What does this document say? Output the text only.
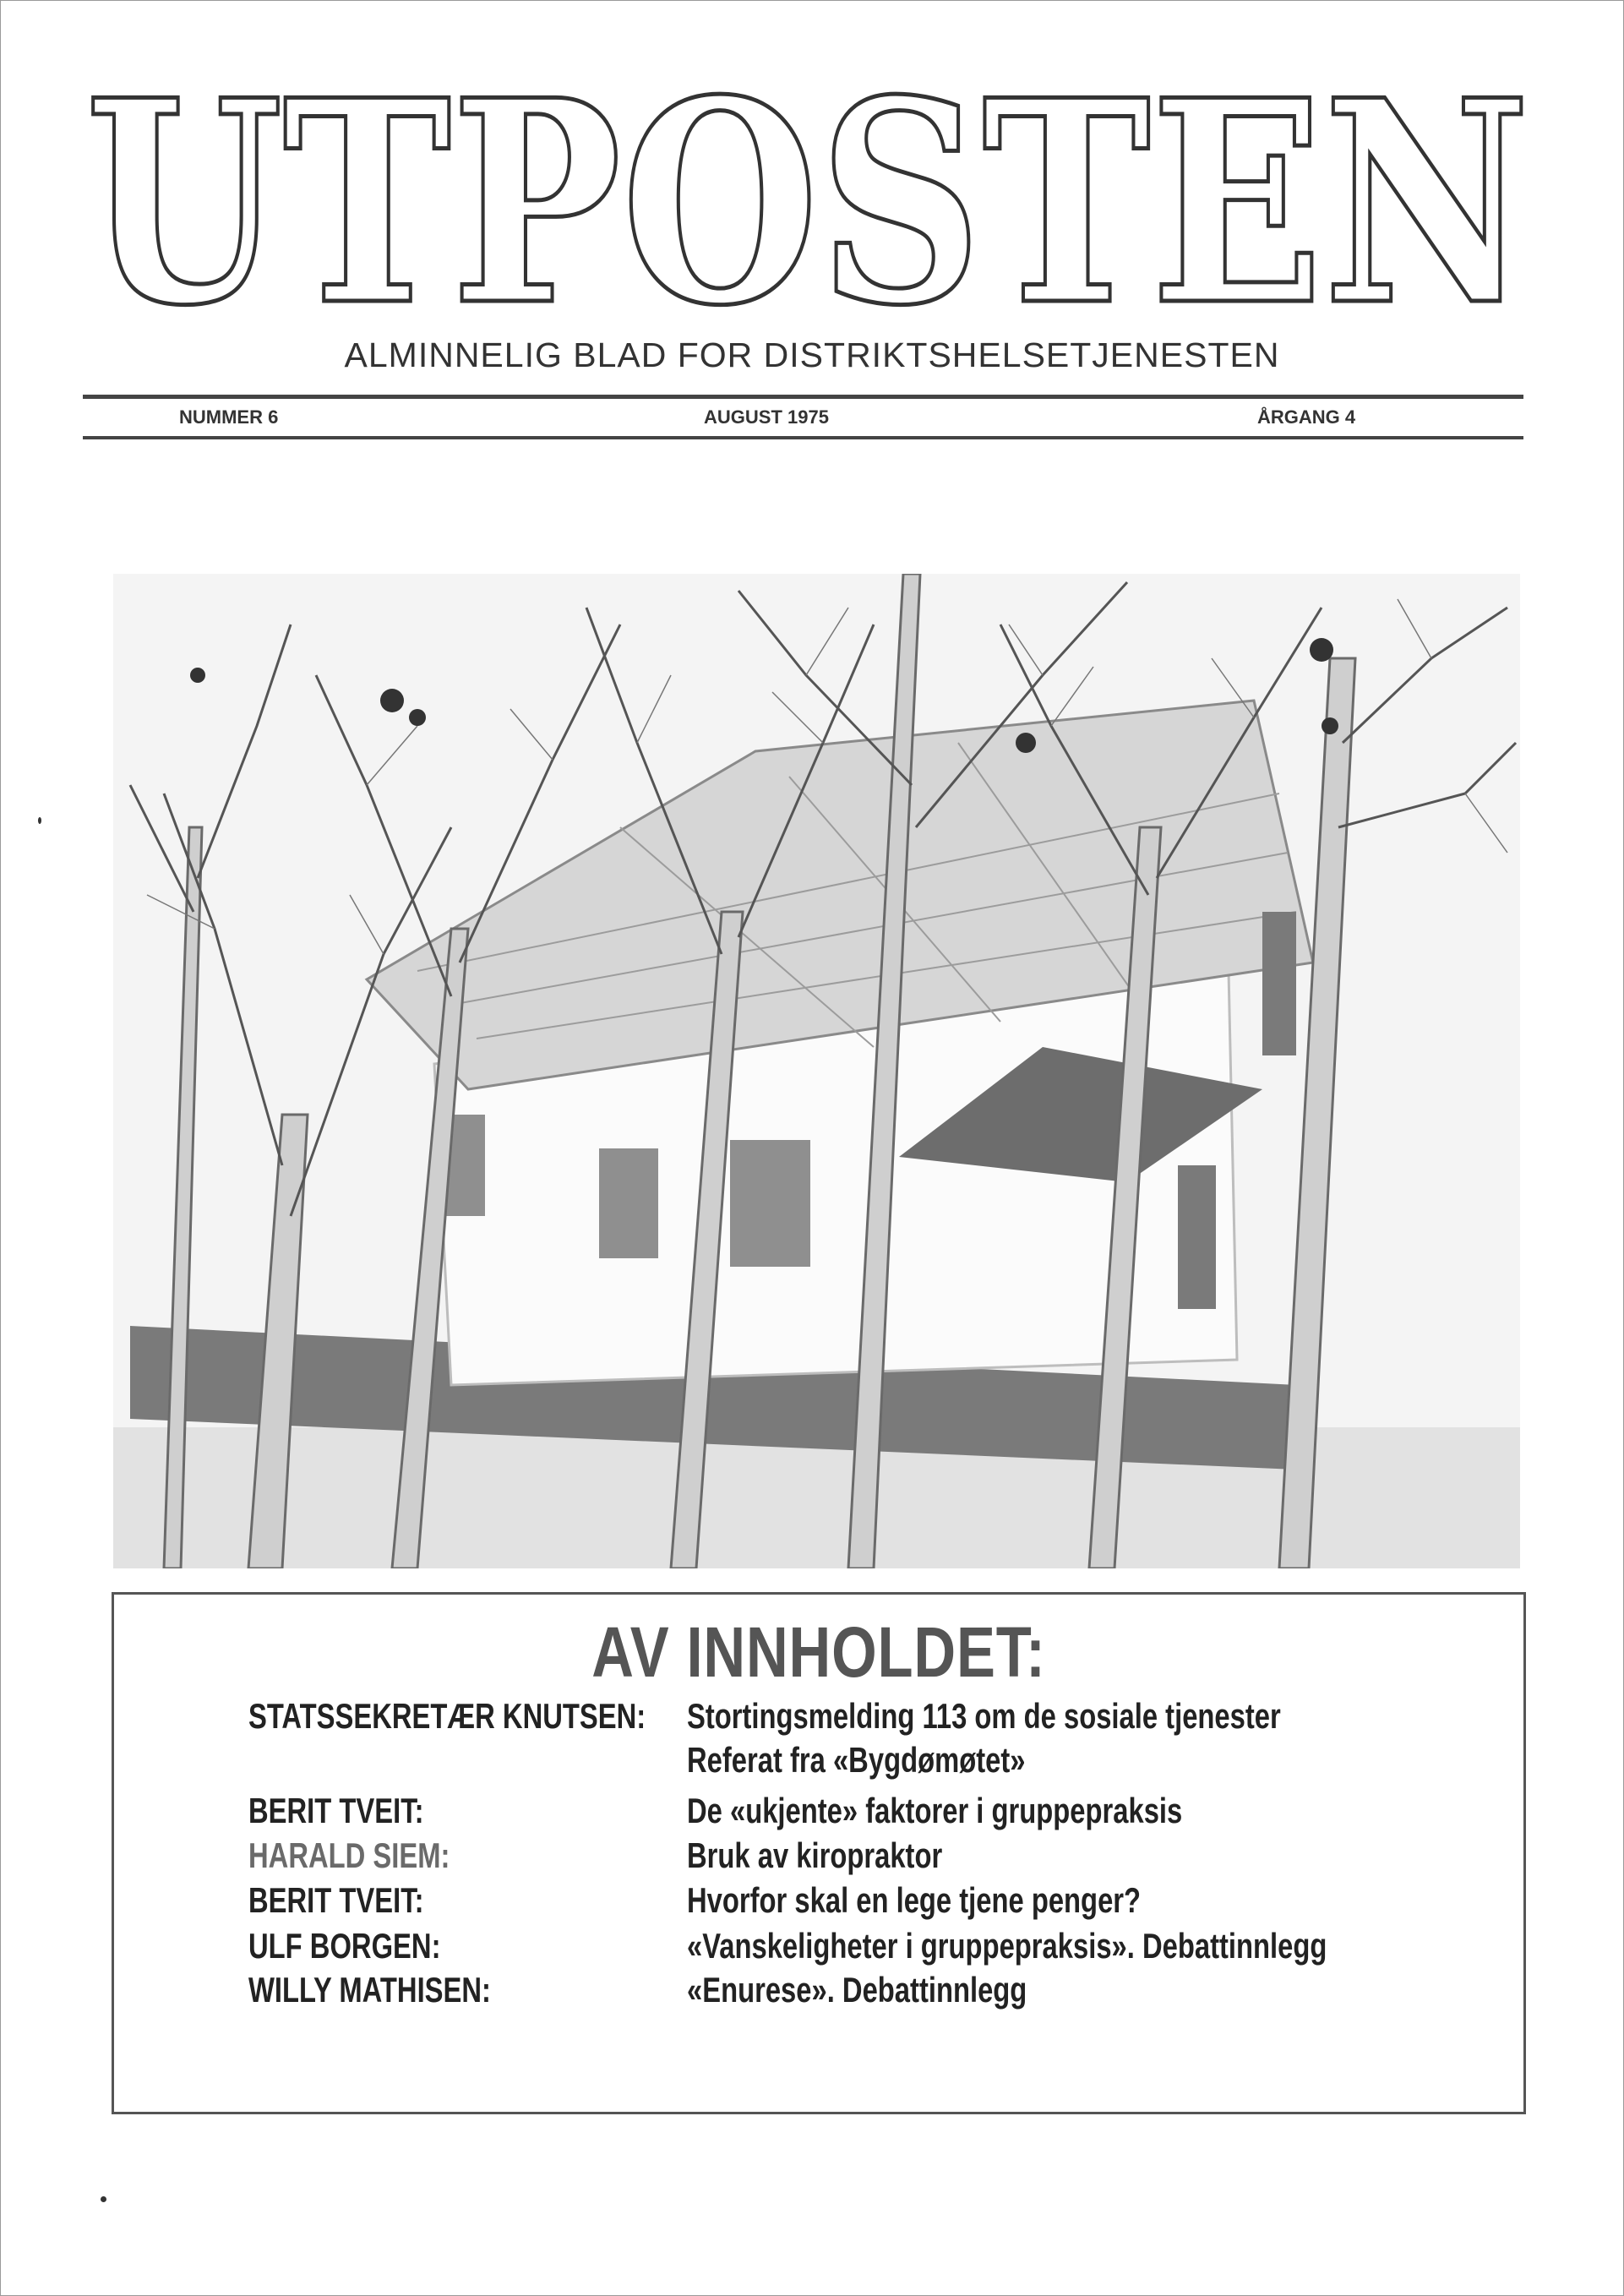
UTPOSTEN
ALMINNELIG BLAD FOR DISTRIKTSHELSETJENESTEN
NUMMER 6	AUGUST 1975	ÅRGANG 4
AV INNHOLDET:
STATSSEKRETÆR KNUTSEN: Stortingsmelding 113 om de sosiale tjenester
Referat fra «Bygdømøtet»
BERIT TVEIT:	De «ukjente» faktorer i gruppepraksis
HARALD SIEM:	Bruk av kiropraktor
BERIT TVEIT:	Hvorfor skal en lege tjene penger?
ULF BORGEN:	«Vanskeligheter i gruppepraksis». Debattinnlegg
WILLY MATHISEN:	«Enurese». Debattinnlegg
